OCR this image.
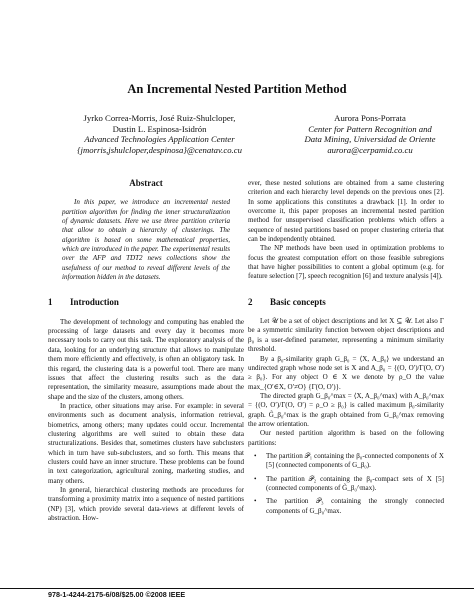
An Incremental Nested Partition Method
Jyrko Correa-Morris, José Ruiz-Shulcloper,
Dustin L. Espinosa-Isidrón
Advanced Technologies Application Center
{jmorris,jshulcloper,despinosa}@cenatav.co.cu
Aurora Pons-Porrata
Center for Pattern Recognition and
Data Mining, Universidad de Oriente
aurora@cerpamid.co.cu
Abstract

In this paper, we introduce an incremental nested partition algorithm for finding the inner structuralization of dynamic datasets. Here we use three partition criteria that allow to obtain a hierarchy of clusterings. The algorithm is based on some mathematical properties, which are introduced in the paper. The experimental results over the AFP and TDT2 news collections show the usefulness of our method to reveal different levels of the information hidden in the datasets.

1 Introduction

The development of technology and computing has enabled the processing of large datasets and every day it becomes more necessary tools to carry out this task. The exploratory analysis of the data, looking for an underlying structure that allows to manipulate them more efficiently and effectively, is often an obligatory task. In this regard, the clustering data is a powerful tool. There are many issues that affect the clustering results such as the data representation, the similarity measure, assumptions made about the shape and the size of the clusters, among others.

In practice, other situations may arise. For example: in several environments such as document analysis, information retrieval, biometrics, among others; many updates could occur. Incremental clustering algorithms are well suited to obtain these data structuralizations. Besides that, sometimes clusters have subclusters which in turn have sub-subclusters, and so forth. This means that clusters could have an inner structure. These problems can be found in text categorization, agricultural zoning, marketing studies, and many others.

In general, hierarchical clustering methods are procedures for transforming a proximity matrix into a sequence of nested partitions (NP) [3], which provide several data-views at different levels of abstraction. How-

ever, these nested solutions are obtained from a same clustering criterion and each hierarchy level depends on the previous ones [2]. In some applications this constitutes a drawback [1]. In order to overcome it, this paper proposes an incremental nested partition method for unsupervised classification problems which offers a sequence of nested partitions based on proper clustering criteria that can be independently obtained.

The NP methods have been used in optimization problems to focus the greatest computation effort on those feasible subregions that have higher possibilities to content a global optimum (e.g. for feature selection [7], speech recognition [6] and texture analysis [4]).

2 Basic concepts

Let 𝒰 be a set of object descriptions and let X ⊆ 𝒰. Let also Γ be a symmetric similarity function between object descriptions and β₀ is a user-defined parameter, representing a minimum similarity threshold.

By a β₀-similarity graph G_β₀ = ⟨X, A_β₀⟩ we understand an undirected graph whose node set is X and A_β₀ = {(O, O′)/Γ(O, O′) ≥ β₀}. For any object O ∈ X we denote by ρ_O the value max_{O′∈X, O′≠O} {Γ(O, O′)}.

The directed graph G_β₀^max = ⟨X, A_β₀^max⟩ with A_β₀^max = {(O, O′)/Γ(O, O′) = ρ_O ≥ β₀} is called maximum β₀-similarity graph. G̃_β₀^max is the graph obtained from G_β₀^max removing the arrow orientation.

Our nested partition algorithm is based on the following partitions:

• The partition 𝒫₁ containing the β₀-connected components of X [5] (connected components of G_β₀).
• The partition 𝒫₂ containing the β₀-compact sets of X [5] (connected components of G̃_β₀^max).
• The partition 𝒫₃ containing the strongly connected components of G_β₀^max.
978-1-4244-2175-6/08/$25.00 ©2008 IEEE
